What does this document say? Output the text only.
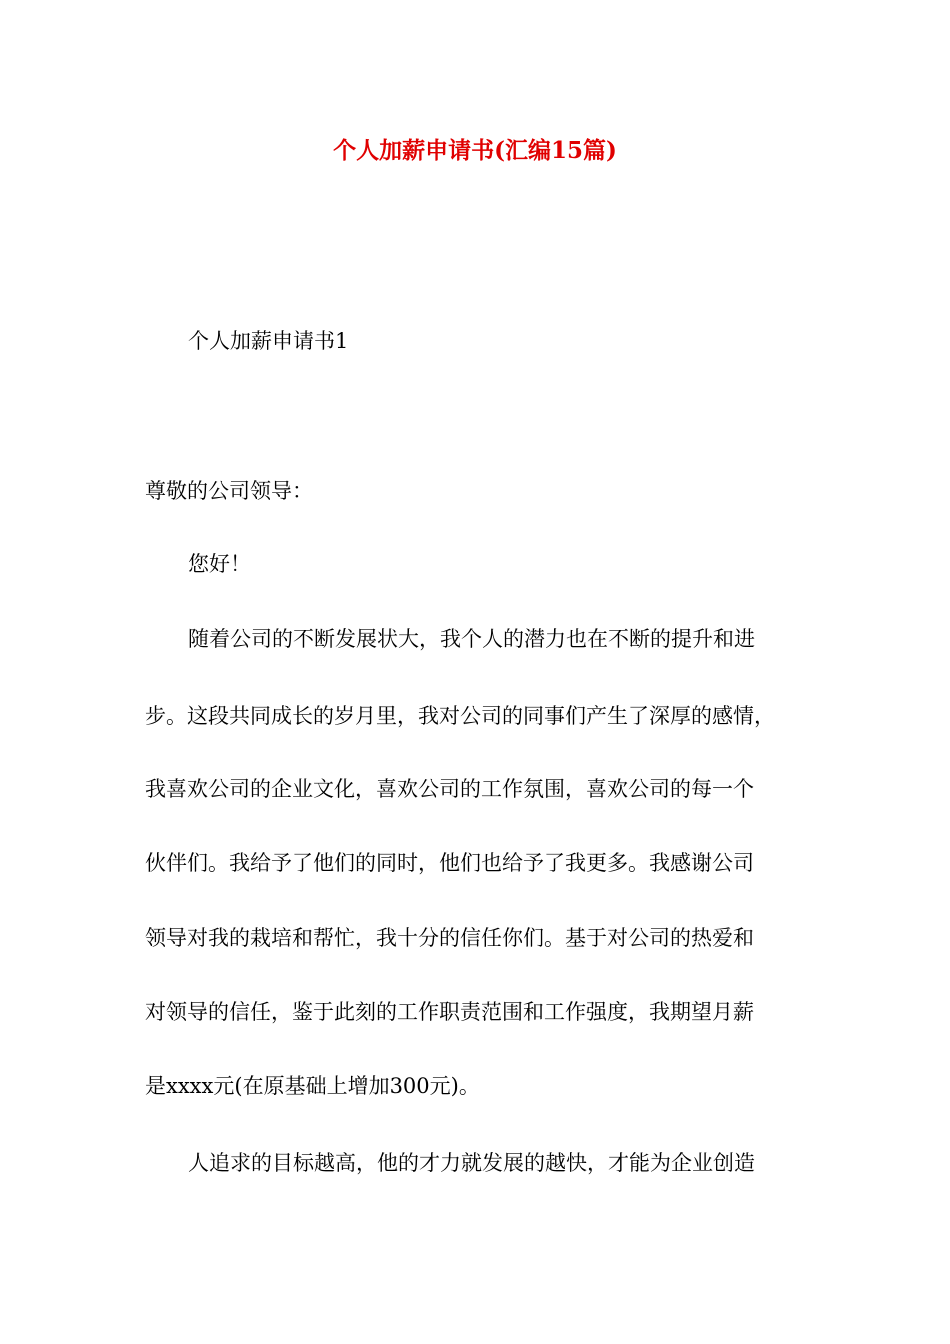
个人加薪申请书(汇编15篇)
个人加薪申请书1
尊敬的公司领导：
您好！
随着公司的不断发展状大，我个人的潜力也在不断的提升和进
步。这段共同成长的岁月里，我对公司的同事们产生了深厚的感情，
我喜欢公司的企业文化，喜欢公司的工作氛围，喜欢公司的每一个
伙伴们。我给予了他们的同时，他们也给予了我更多。我感谢公司
领导对我的栽培和帮忙，我十分的信任你们。基于对公司的热爱和
对领导的信任，鉴于此刻的工作职责范围和工作强度，我期望月薪
是xxxx元(在原基础上增加300元)。
人追求的目标越高，他的才力就发展的越快，才能为企业创造
